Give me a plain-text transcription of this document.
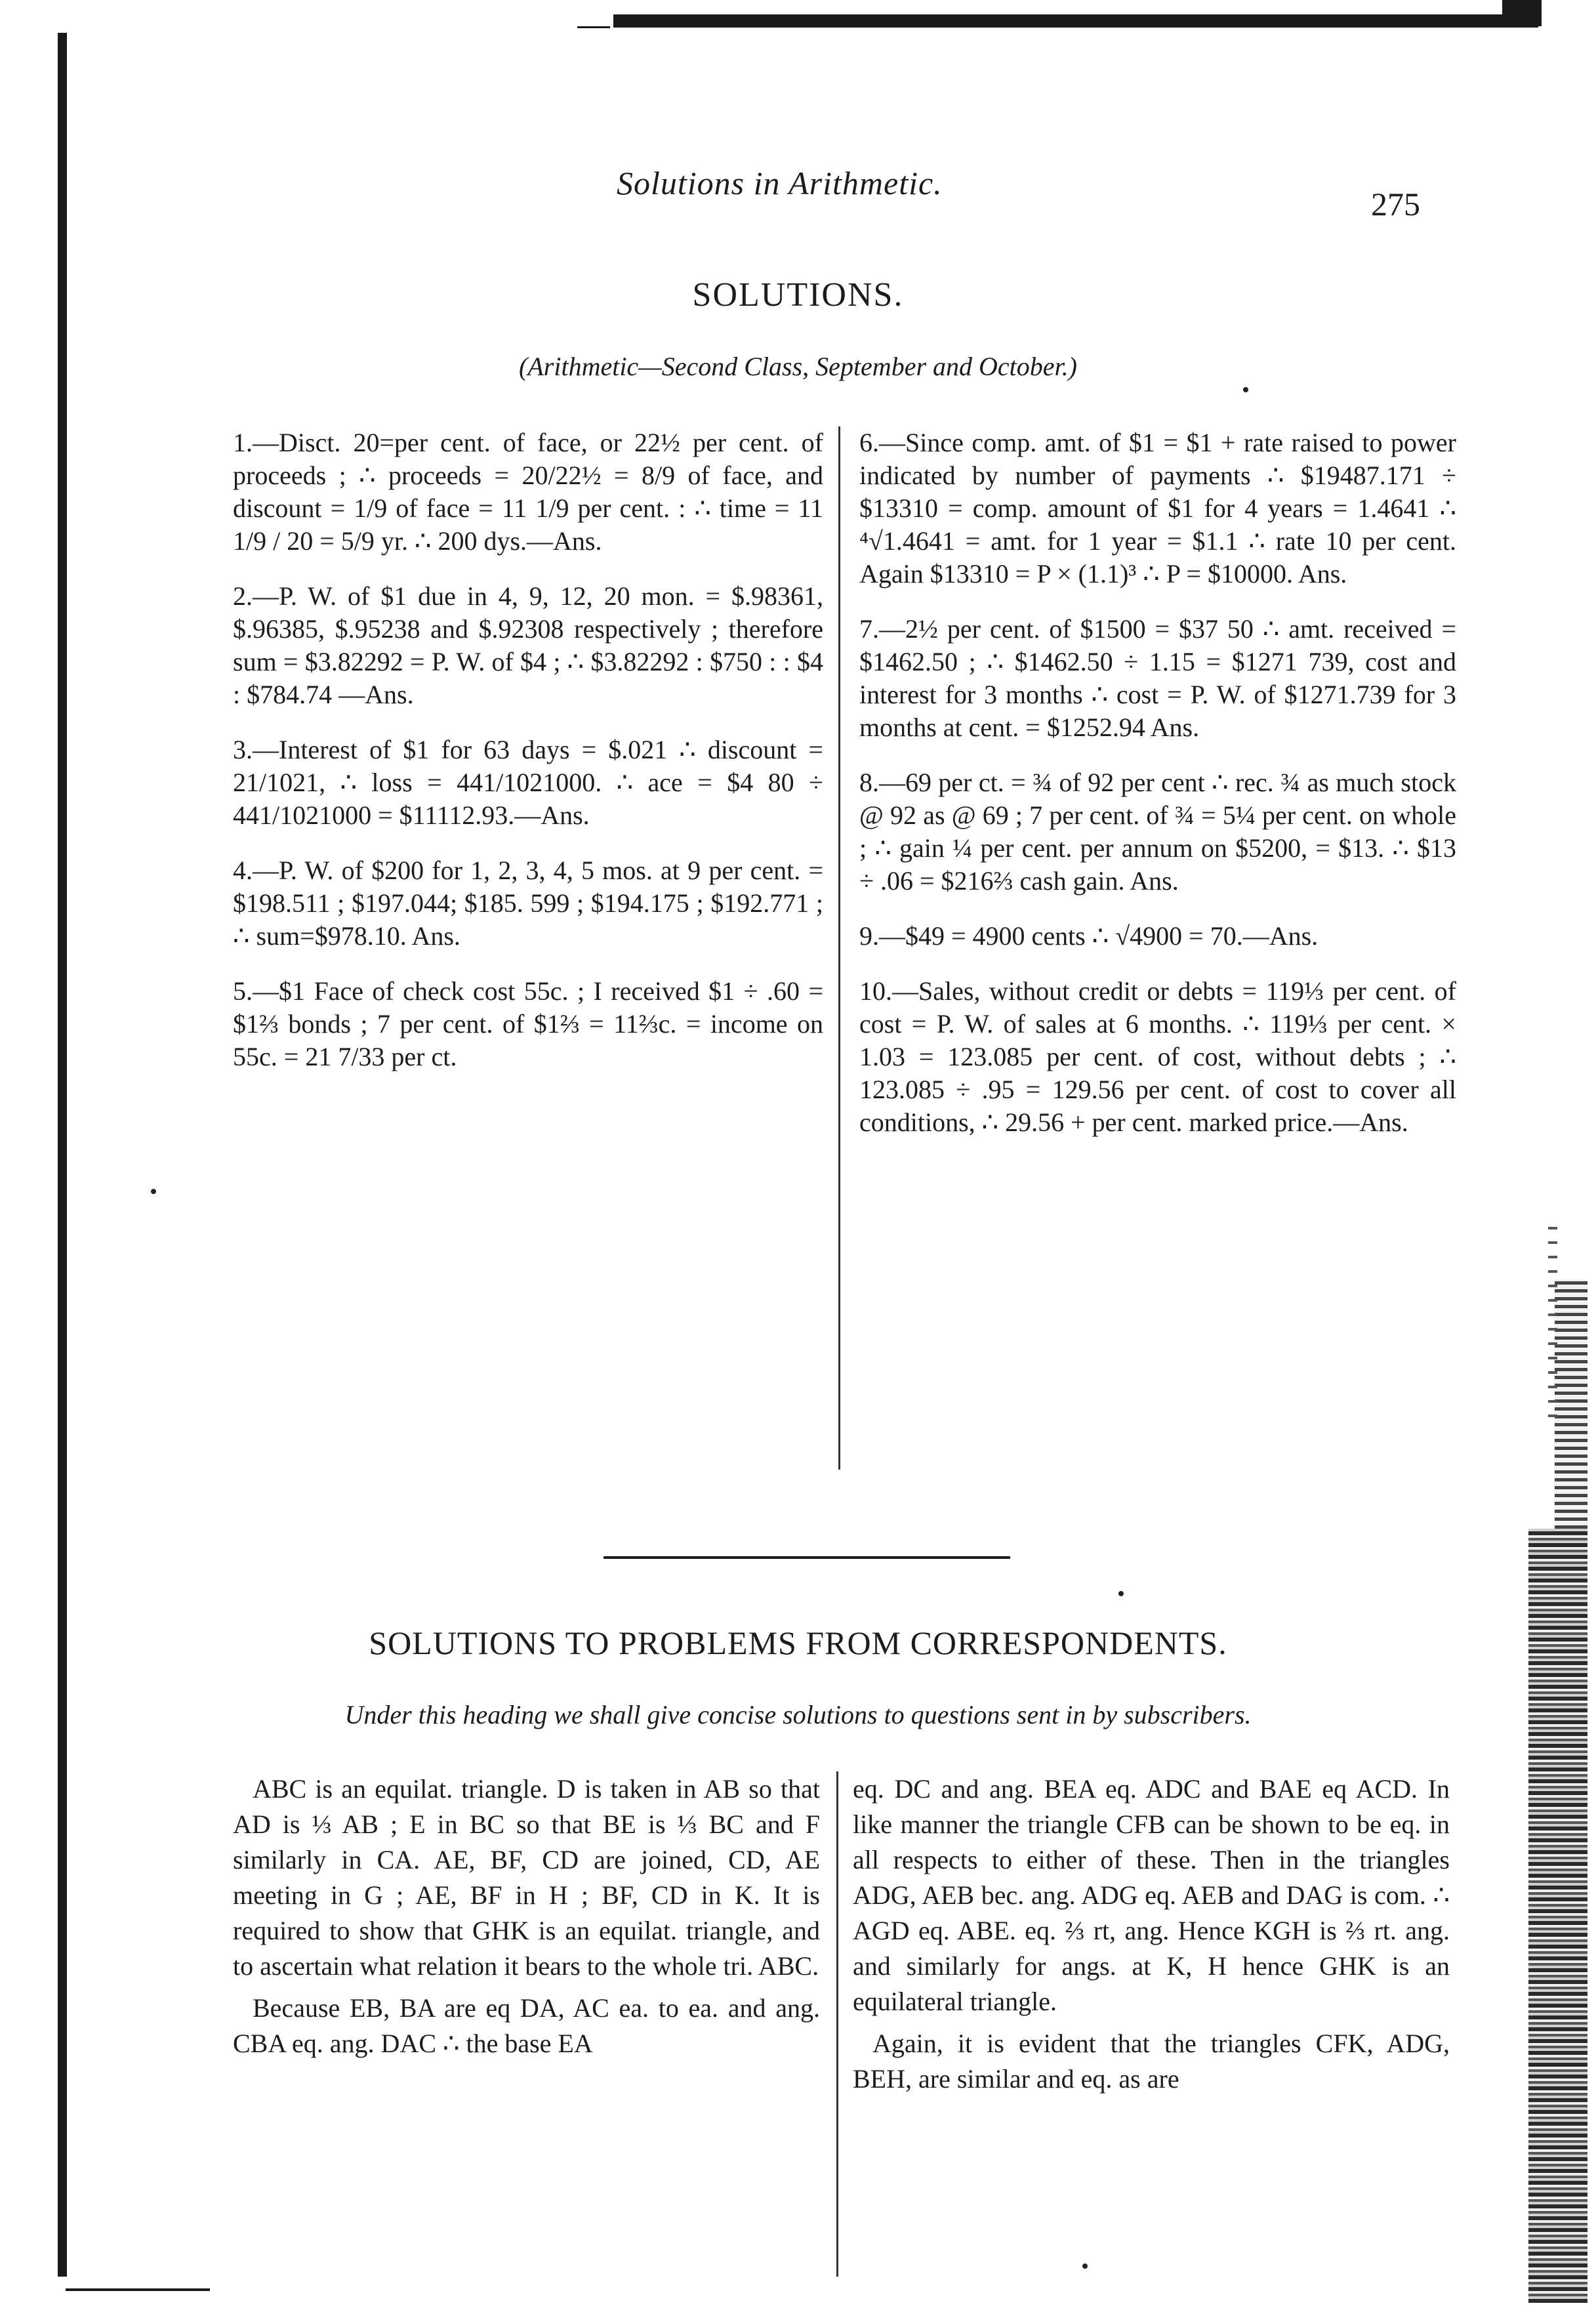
Solutions in Arithmetic.
275
SOLUTIONS.
(Arithmetic—Second Class, September and October.)

1.—Disct. 20=per cent. of face, or 22½ per cent. of proceeds ; ∴ proceeds = 20/22½ = 8/9 of face, and discount = 1/9 of face = 11 1/9 per cent. : ∴ time = 11 1/9 / 20 = 5/9 yr. ∴ 200 dys.—Ans.

2.—P. W. of $1 due in 4, 9, 12, 20 mon. = $.98361, $.96385, $.95238 and $.92308 respectively ; therefore sum = $3.82292 = P. W. of $4 ; ∴ $3.82292 : $750 : : $4 : $784.74 —Ans.

3.—Interest of $1 for 63 days = $.021 ∴ discount = 21/1021, ∴ loss = 441/1021000. ∴ ace = $4 80 ÷ 441/1021000 = $11112.93.—Ans.

4.—P. W. of $200 for 1, 2, 3, 4, 5 mos. at 9 per cent. = $198.511 ; $197.044; $185. 599 ; $194.175 ; $192.771 ; ∴ sum=$978.10. Ans.

5.—$1 Face of check cost 55c. ; I received $1 ÷ .60 = $1⅔ bonds ; 7 per cent. of $1⅔ = 11⅔c. = income on 55c. = 21 7/33 per ct.

6.—Since comp. amt. of $1 = $1 + rate raised to power indicated by number of payments ∴ $19487.171 ÷ $13310 = comp. amount of $1 for 4 years = 1.4641 ∴ ⁴√1.4641 = amt. for 1 year = $1.1 ∴ rate 10 per cent. Again $13310 = P × (1.1)³ ∴ P = $10000. Ans.

7.—2½ per cent. of $1500 = $37 50 ∴ amt. received = $1462.50 ; ∴ $1462.50 ÷ 1.15 = $1271 739, cost and interest for 3 months ∴ cost = P. W. of $1271.739 for 3 months at cent. = $1252.94 Ans.

8.—69 per ct. = ¾ of 92 per cent ∴ rec. ¾ as much stock @ 92 as @ 69 ; 7 per cent. of ¾ = 5¼ per cent. on whole ; ∴ gain ¼ per cent. per annum on $5200, = $13. ∴ $13 ÷ .06 = $216⅔ cash gain. Ans.

9.—$49 = 4900 cents ∴ √4900 = 70.—Ans.

10.—Sales, without credit or debts = 119⅓ per cent. of cost = P. W. of sales at 6 months. ∴ 119⅓ per cent. × 1.03 = 123.085 per cent. of cost, without debts ; ∴ 123.085 ÷ .95 = 129.56 per cent. of cost to cover all conditions, ∴ 29.56 + per cent. marked price.—Ans.

SOLUTIONS TO PROBLEMS FROM CORRESPONDENTS.
Under this heading we shall give concise solutions to questions sent in by subscribers.

ABC is an equilat. triangle. D is taken in AB so that AD is ⅓ AB ; E in BC so that BE is ⅓ BC and F similarly in CA. AE, BF, CD are joined, CD, AE meeting in G ; AE, BF in H ; BF, CD in K. It is required to show that GHK is an equilat. triangle, and to ascertain what relation it bears to the whole tri. ABC.

Because EB, BA are eq DA, AC ea. to ea. and ang. CBA eq. ang. DAC ∴ the base EA

eq. DC and ang. BEA eq. ADC and BAE eq ACD. In like manner the triangle CFB can be shown to be eq. in all respects to either of these. Then in the triangles ADG, AEB bec. ang. ADG eq. AEB and DAG is com. ∴ AGD eq. ABE. eq. ⅔ rt, ang. Hence KGH is ⅔ rt. ang. and similarly for angs. at K, H hence GHK is an equilateral triangle.

Again, it is evident that the triangles CFK, ADG, BEH, are similar and eq. as are
